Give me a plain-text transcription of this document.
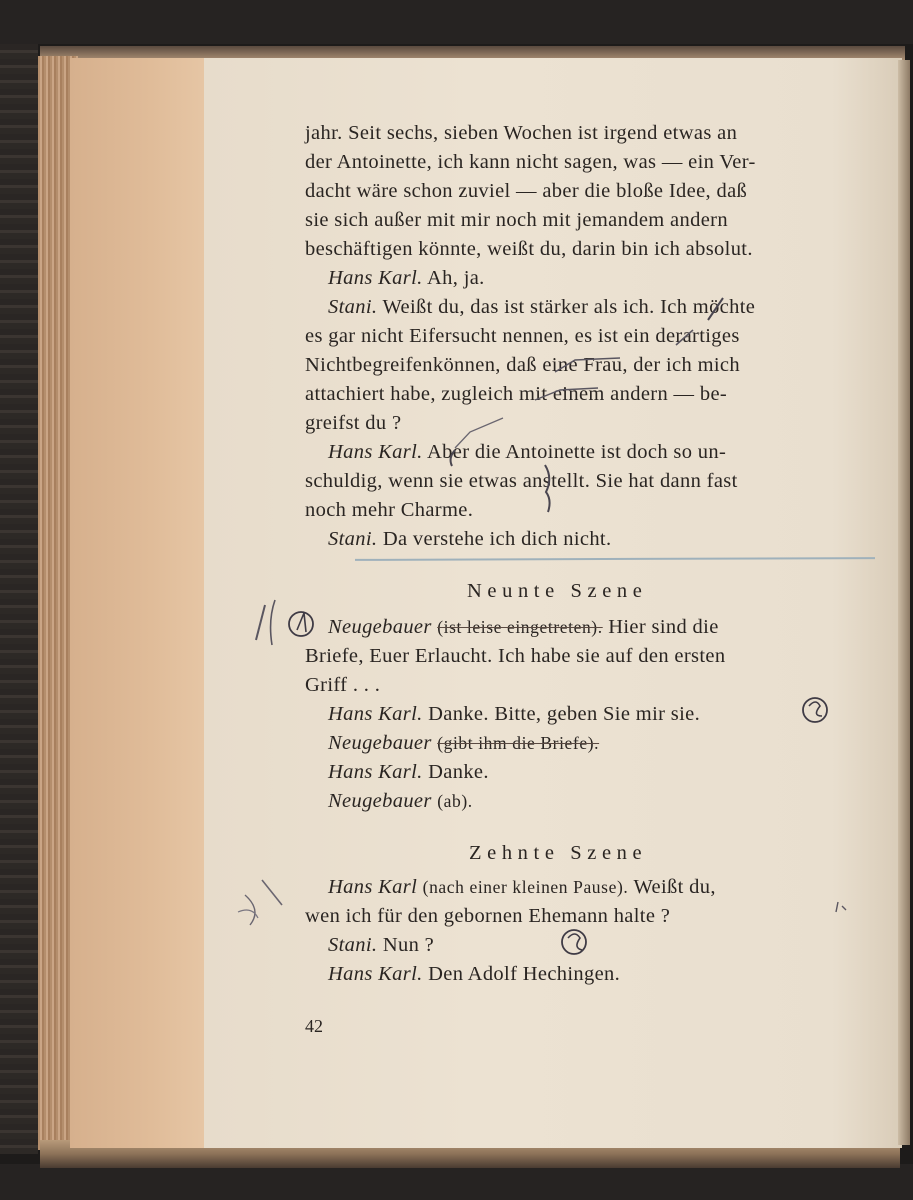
jahr. Seit sechs, sieben Wochen ist irgend etwas an
der Antoinette, ich kann nicht sagen, was — ein Ver-
dacht wäre schon zuviel — aber die bloße Idee, daß
sie sich außer mit mir noch mit jemandem andern
beschäftigen könnte, weißt du, darin bin ich absolut.
Hans Karl. Ah, ja.
Stani. Weißt du, das ist stärker als ich. Ich möchte
es gar nicht Eifersucht nennen, es ist ein derartiges
Nichtbegreifenkönnen, daß eine Frau, der ich mich
attachiert habe, zugleich mit einem andern — be-
greifst du ?
Hans Karl. Aber die Antoinette ist doch so un-
schuldig, wenn sie etwas anstellt. Sie hat dann fast
noch mehr Charme.
Stani. Da verstehe ich dich nicht.
Neunte Szene
Neugebauer (ist leise eingetreten). Hier sind die
Briefe, Euer Erlaucht. Ich habe sie auf den ersten
Griff . . .
Hans Karl. Danke. Bitte, geben Sie mir sie.
Neugebauer (gibt ihm die Briefe).
Hans Karl. Danke.
Neugebauer (ab).
Zehnte Szene
Hans Karl (nach einer kleinen Pause). Weißt du,
wen ich für den gebornen Ehemann halte ?
Stani. Nun ?
Hans Karl. Den Adolf Hechingen.
42
